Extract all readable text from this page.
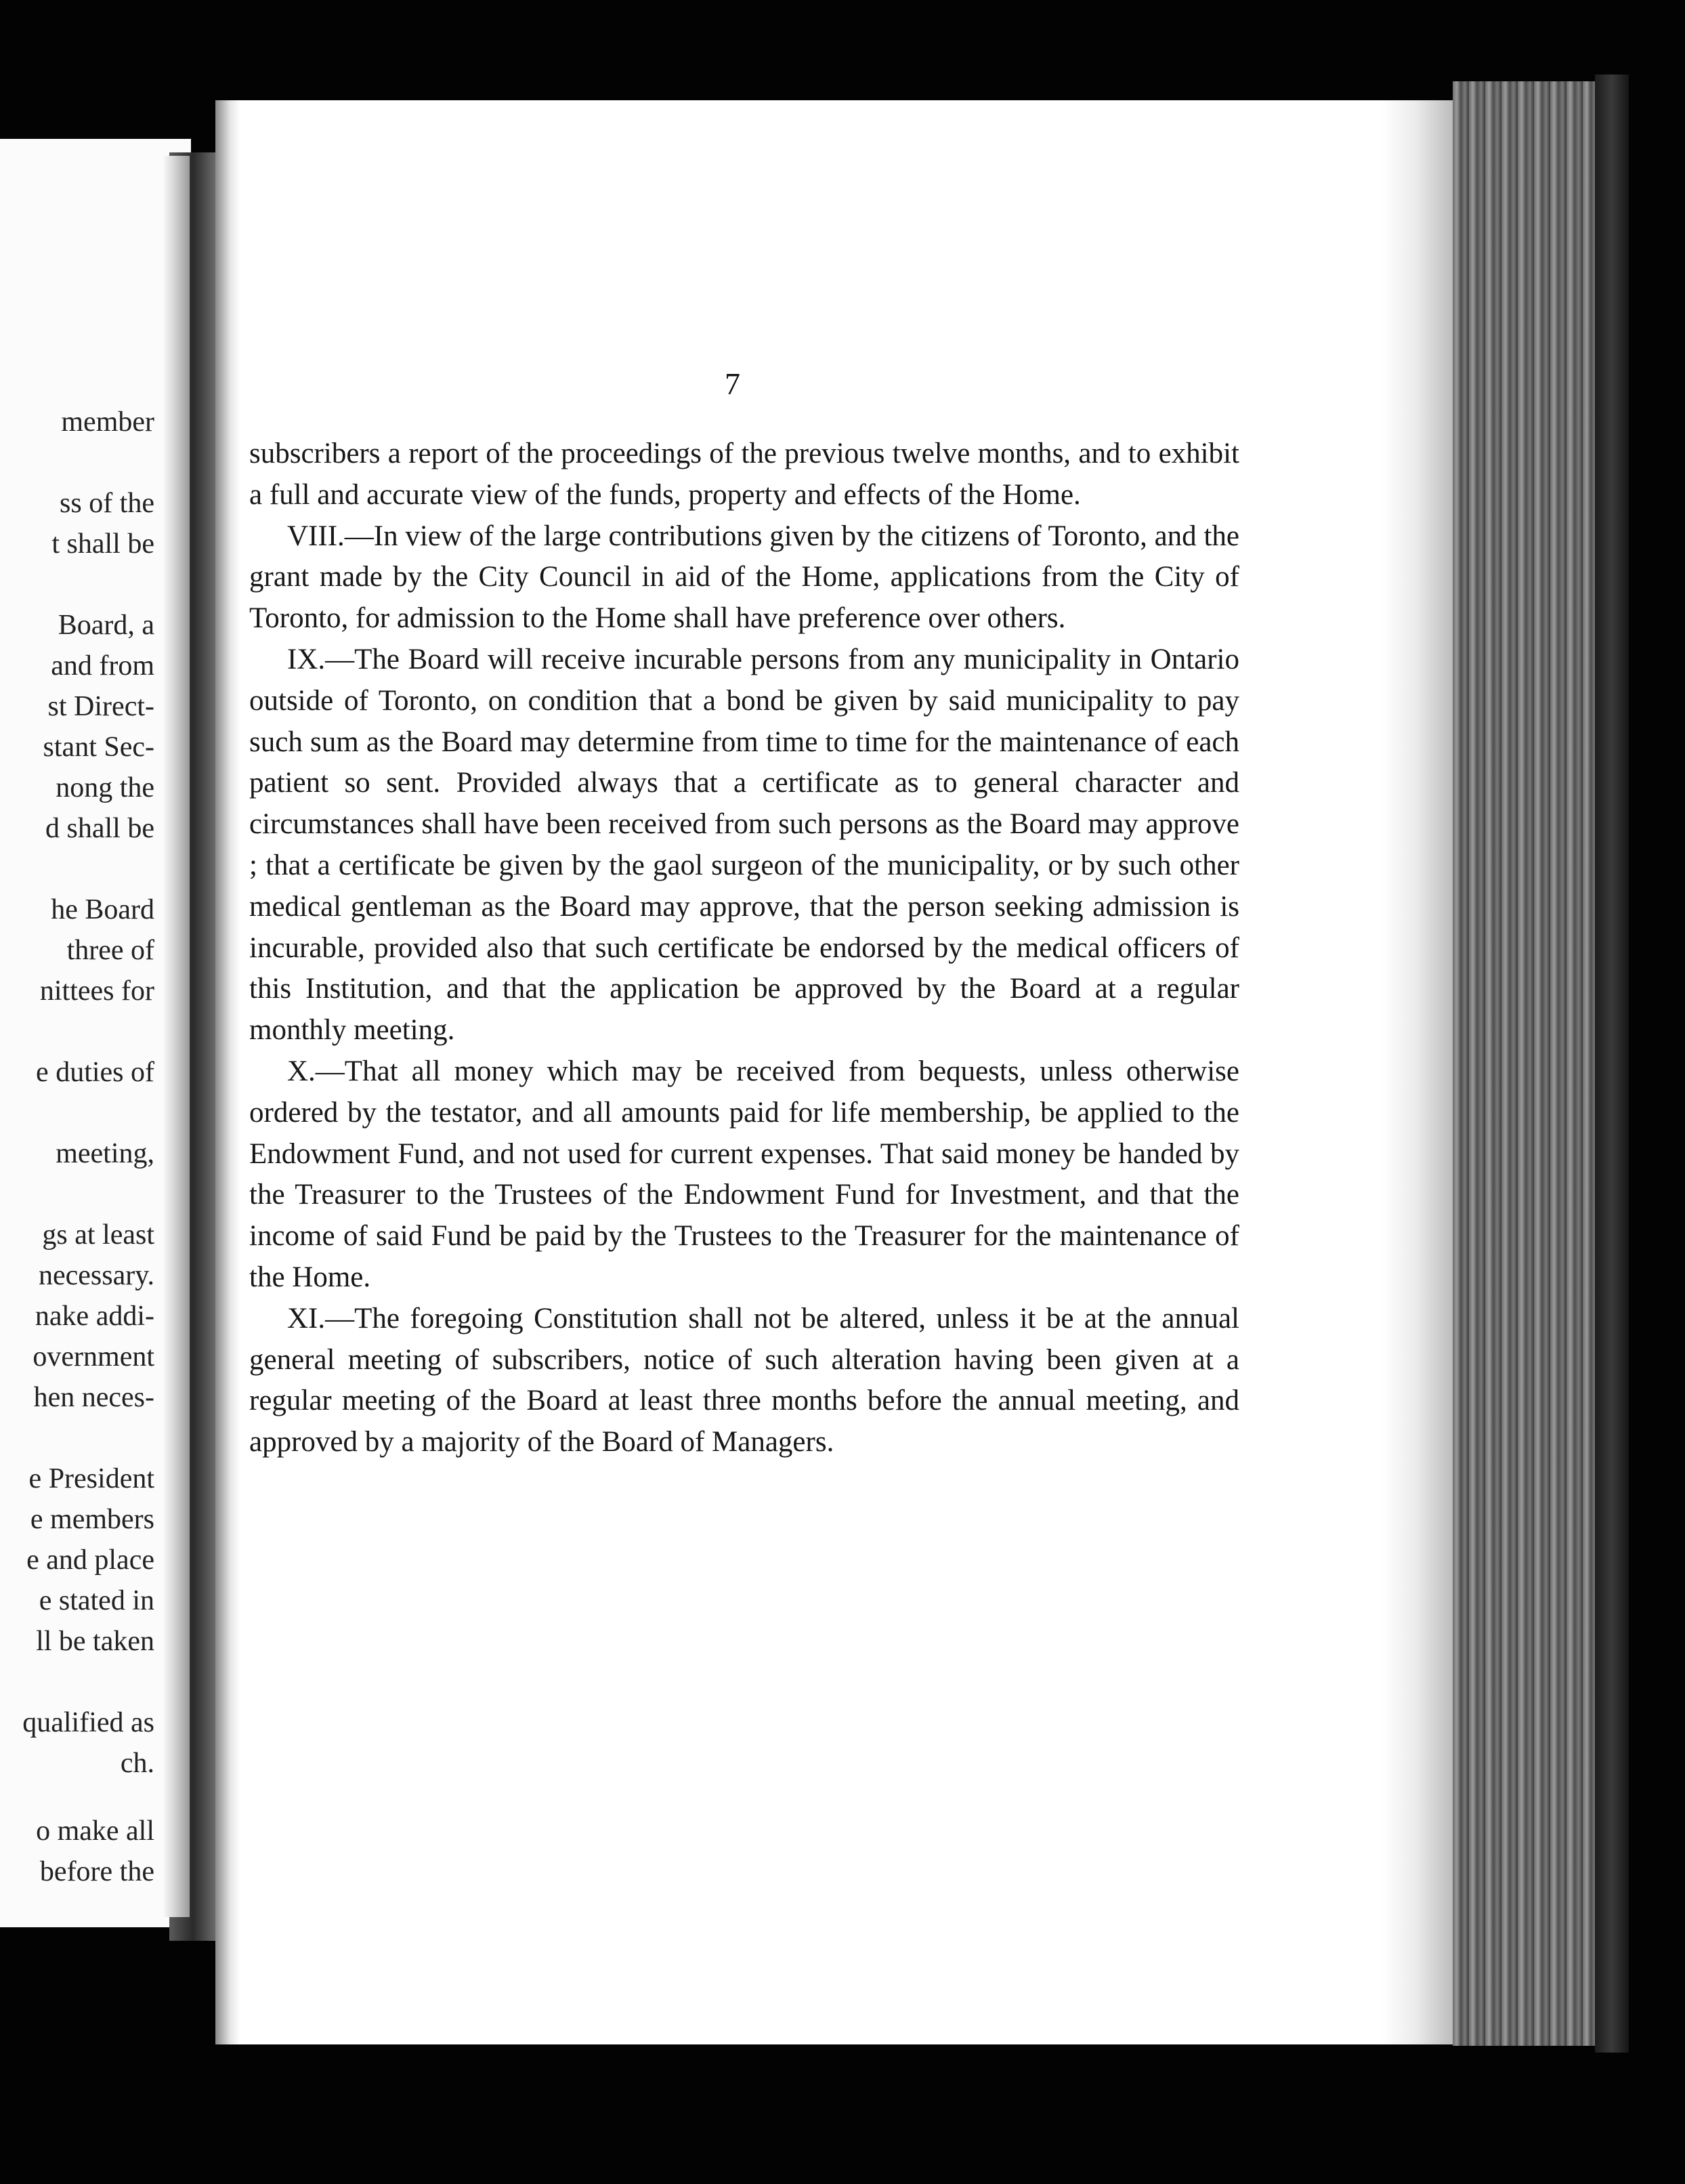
member
ss of the
t shall be
Board, a
and from
st Direct-
stant Sec-
nong the
d shall be
he Board
three of
nittees for
e duties of
meeting,
gs at least
necessary.
nake addi-
overnment
hen neces-
e President
e members
e and place
e stated in
ll be taken
qualified as
ch.
o make all
before the
7

subscribers a report of the proceedings of the previous twelve months, and to exhibit a full and accurate view of the funds, property and effects of the Home.

VIII.—In view of the large contributions given by the citizens of Toronto, and the grant made by the City Council in aid of the Home, applications from the City of Toronto, for admission to the Home shall have preference over others.

IX.—The Board will receive incurable persons from any municipality in Ontario outside of Toronto, on condition that a bond be given by said municipality to pay such sum as the Board may determine from time to time for the maintenance of each patient so sent. Provided always that a certificate as to general character and circumstances shall have been received from such persons as the Board may approve ; that a certificate be given by the gaol surgeon of the municipality, or by such other medical gentleman as the Board may approve, that the person seeking admission is incurable, provided also that such certificate be endorsed by the medical officers of this Institution, and that the application be approved by the Board at a regular monthly meeting.

X.—That all money which may be received from bequests, unless otherwise ordered by the testator, and all amounts paid for life membership, be applied to the Endowment Fund, and not used for current expenses. That said money be handed by the Treasurer to the Trustees of the Endowment Fund for Investment, and that the income of said Fund be paid by the Trustees to the Treasurer for the maintenance of the Home.

XI.—The foregoing Constitution shall not be altered, unless it be at the annual general meeting of subscribers, notice of such alteration having been given at a regular meeting of the Board at least three months before the annual meeting, and approved by a majority of the Board of Managers.
